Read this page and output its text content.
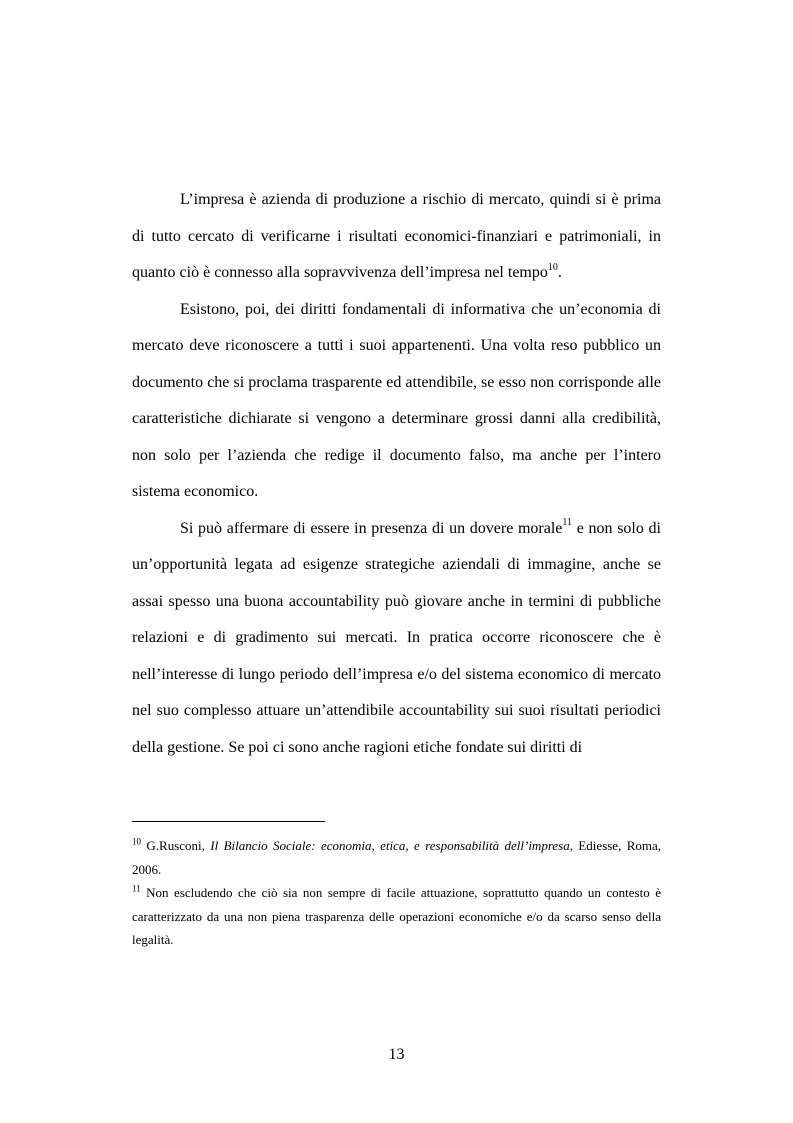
L’impresa è azienda di produzione a rischio di mercato, quindi si è prima di tutto cercato di verificarne i risultati economici-finanziari e patrimoniali, in quanto ciò è connesso alla sopravvivenza dell’impresa nel tempo$^{10}$.

Esistono, poi, dei diritti fondamentali di informativa che un’economia di mercato deve riconoscere a tutti i suoi appartenenti. Una volta reso pubblico un documento che si proclama trasparente ed attendibile, se esso non corrisponde alle caratteristiche dichiarate si vengono a determinare grossi danni alla credibilità, non solo per l’azienda che redige il documento falso, ma anche per l’intero sistema economico.

Si può affermare di essere in presenza di un dovere morale$^{11}$ e non solo di un’opportunità legata ad esigenze strategiche aziendali di immagine, anche se assai spesso una buona accountability può giovare anche in termini di pubbliche relazioni e di gradimento sui mercati. In pratica occorre riconoscere che è nell’interesse di lungo periodo dell’impresa e/o del sistema economico di mercato nel suo complesso attuare un’attendibile accountability sui suoi risultati periodici della gestione. Se poi ci sono anche ragioni etiche fondate sui diritti di

$^{10}$ G.Rusconi, Il Bilancio Sociale: economia, etica, e responsabilità dell’impresa, Ediesse, Roma, 2006.

$^{11}$ Non escludendo che ciò sia non sempre di facile attuazione, soprattutto quando un contesto è caratterizzato da una non piena trasparenza delle operazioni economiche e/o da scarso senso della legalità.

13
